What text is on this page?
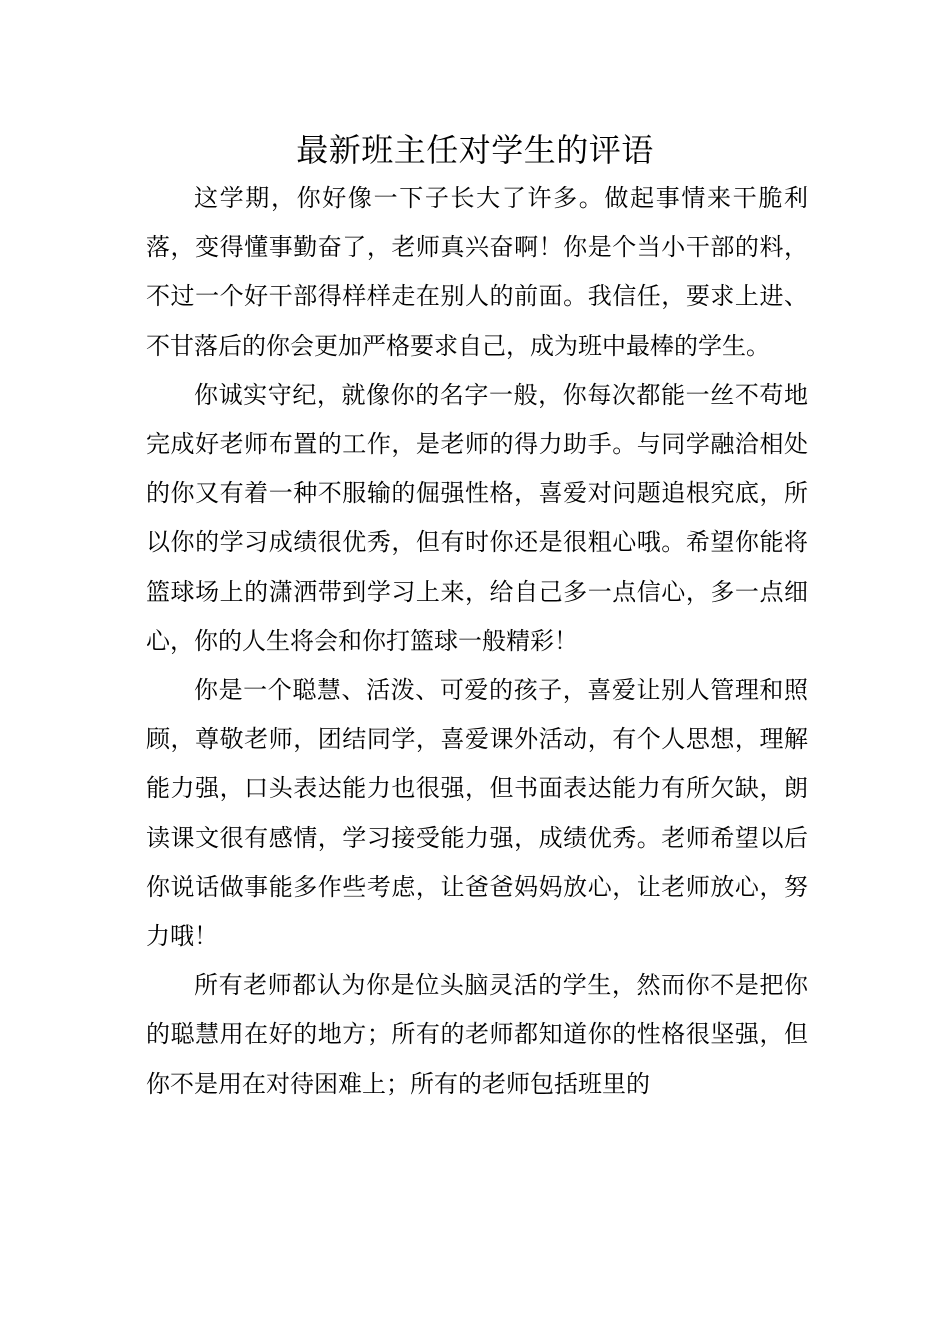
最新班主任对学生的评语

这学期，你好像一下子长大了许多。做起事情来干脆利落，变得懂事勤奋了，老师真兴奋啊！你是个当小干部的料，不过一个好干部得样样走在别人的前面。我信任，要求上进、不甘落后的你会更加严格要求自己，成为班中最棒的学生。

你诚实守纪，就像你的名字一般，你每次都能一丝不苟地完成好老师布置的工作，是老师的得力助手。与同学融洽相处的你又有着一种不服输的倔强性格，喜爱对问题追根究底，所以你的学习成绩很优秀，但有时你还是很粗心哦。希望你能将篮球场上的潇洒带到学习上来，给自己多一点信心，多一点细心，你的人生将会和你打篮球一般精彩！

你是一个聪慧、活泼、可爱的孩子，喜爱让别人管理和照顾，尊敬老师，团结同学，喜爱课外活动，有个人思想，理解能力强，口头表达能力也很强，但书面表达能力有所欠缺，朗读课文很有感情，学习接受能力强，成绩优秀。老师希望以后你说话做事能多作些考虑，让爸爸妈妈放心，让老师放心，努力哦！

所有老师都认为你是位头脑灵活的学生，然而你不是把你的聪慧用在好的地方；所有的老师都知道你的性格很坚强，但你不是用在对待困难上；所有的老师包括班里的
